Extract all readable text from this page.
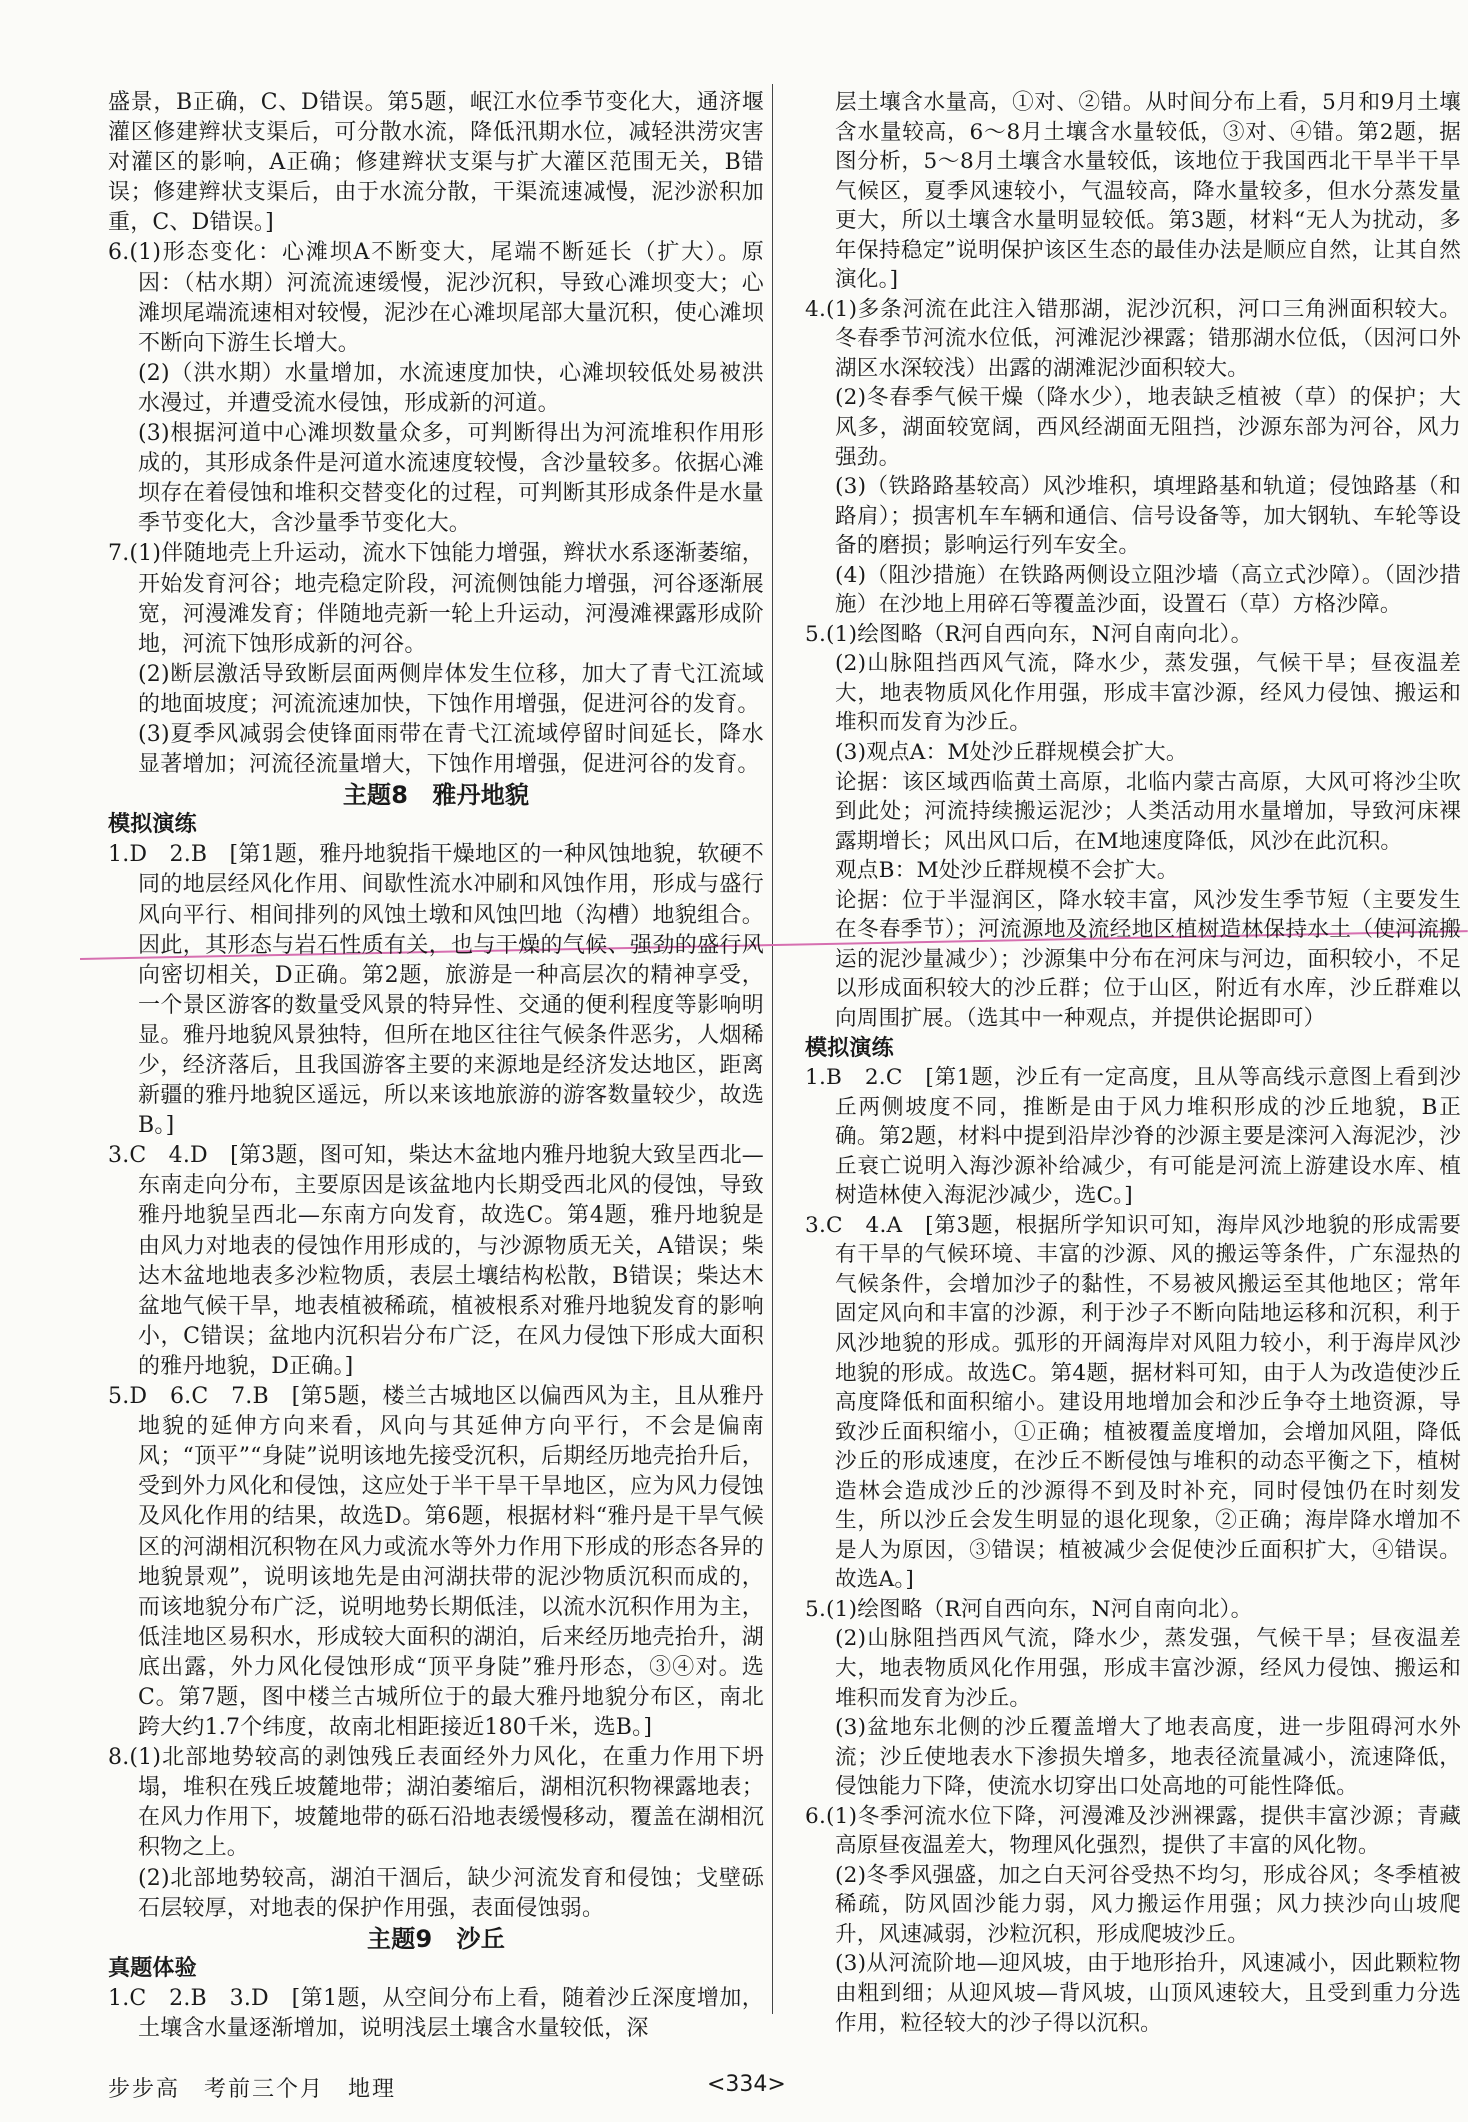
盛景，B正确，C、D错误。第5题，岷江水位季节变化大，通济堰灌区修建辫状支渠后，可分散水流，降低汛期水位，减轻洪涝灾害对灌区的影响，A正确；修建辫状支渠与扩大灌区范围无关，B错误；修建辫状支渠后，由于水流分散，干渠流速减慢，泥沙淤积加重，C、D错误。]

6.(1)形态变化：心滩坝A不断变大，尾端不断延长（扩大）。原因：（枯水期）河流流速缓慢，泥沙沉积，导致心滩坝变大；心滩坝尾端流速相对较慢，泥沙在心滩坝尾部大量沉积，使心滩坝不断向下游生长增大。

(2)（洪水期）水量增加，水流速度加快，心滩坝较低处易被洪水漫过，并遭受流水侵蚀，形成新的河道。

(3)根据河道中心滩坝数量众多，可判断得出为河流堆积作用形成的，其形成条件是河道水流速度较慢，含沙量较多。依据心滩坝存在着侵蚀和堆积交替变化的过程，可判断其形成条件是水量季节变化大，含沙量季节变化大。

7.(1)伴随地壳上升运动，流水下蚀能力增强，辫状水系逐渐萎缩，开始发育河谷；地壳稳定阶段，河流侧蚀能力增强，河谷逐渐展宽，河漫滩发育；伴随地壳新一轮上升运动，河漫滩裸露形成阶地，河流下蚀形成新的河谷。

(2)断层激活导致断层面两侧岸体发生位移，加大了青弋江流域的地面坡度；河流流速加快，下蚀作用增强，促进河谷的发育。

(3)夏季风减弱会使锋面雨带在青弋江流域停留时间延长，降水显著增加；河流径流量增大，下蚀作用增强，促进河谷的发育。

主题8　雅丹地貌

模拟演练

1.D　2.B　[第1题，雅丹地貌指干燥地区的一种风蚀地貌，软硬不同的地层经风化作用、间歇性流水冲刷和风蚀作用，形成与盛行风向平行、相间排列的风蚀土墩和风蚀凹地（沟槽）地貌组合。因此，其形态与岩石性质有关，也与干燥的气候、强劲的盛行风向密切相关，D正确。第2题，旅游是一种高层次的精神享受，一个景区游客的数量受风景的特异性、交通的便利程度等影响明显。雅丹地貌风景独特，但所在地区往往气候条件恶劣，人烟稀少，经济落后，且我国游客主要的来源地是经济发达地区，距离新疆的雅丹地貌区遥远，所以来该地旅游的游客数量较少，故选B。]

3.C　4.D　[第3题，图可知，柴达木盆地内雅丹地貌大致呈西北—东南走向分布，主要原因是该盆地内长期受西北风的侵蚀，导致雅丹地貌呈西北—东南方向发育，故选C。第4题，雅丹地貌是由风力对地表的侵蚀作用形成的，与沙源物质无关，A错误；柴达木盆地地表多沙粒物质，表层土壤结构松散，B错误；柴达木盆地气候干旱，地表植被稀疏，植被根系对雅丹地貌发育的影响小，C错误；盆地内沉积岩分布广泛，在风力侵蚀下形成大面积的雅丹地貌，D正确。]

5.D　6.C　7.B　[第5题，楼兰古城地区以偏西风为主，且从雅丹地貌的延伸方向来看，风向与其延伸方向平行，不会是偏南风；“顶平”“身陡”说明该地先接受沉积，后期经历地壳抬升后，受到外力风化和侵蚀，这应处于半干旱干旱地区，应为风力侵蚀及风化作用的结果，故选D。第6题，根据材料“雅丹是干旱气候区的河湖相沉积物在风力或流水等外力作用下形成的形态各异的地貌景观”，说明该地先是由河湖扶带的泥沙物质沉积而成的，而该地貌分布广泛，说明地势长期低洼，以流水沉积作用为主，低洼地区易积水，形成较大面积的湖泊，后来经历地壳抬升，湖底出露，外力风化侵蚀形成“顶平身陡”雅丹形态，③④对。选C。第7题，图中楼兰古城所位于的最大雅丹地貌分布区，南北跨大约1.7个纬度，故南北相距接近180千米，选B。]

8.(1)北部地势较高的剥蚀残丘表面经外力风化，在重力作用下坍塌，堆积在残丘坡麓地带；湖泊萎缩后，湖相沉积物裸露地表；在风力作用下，坡麓地带的砾石沿地表缓慢移动，覆盖在湖相沉积物之上。

(2)北部地势较高，湖泊干涸后，缺少河流发育和侵蚀；戈壁砾石层较厚，对地表的保护作用强，表面侵蚀弱。

主题9　沙丘

真题体验

1.C　2.B　3.D　[第1题，从空间分布上看，随着沙丘深度增加，土壤含水量逐渐增加，说明浅层土壤含水量较低，深

层土壤含水量高，①对、②错。从时间分布上看，5月和9月土壤含水量较高，6～8月土壤含水量较低，③对、④错。第2题，据图分析，5～8月土壤含水量较低，该地位于我国西北干旱半干旱气候区，夏季风速较小，气温较高，降水量较多，但水分蒸发量更大，所以土壤含水量明显较低。第3题，材料“无人为扰动，多年保持稳定”说明保护该区生态的最佳办法是顺应自然，让其自然演化。]

4.(1)多条河流在此注入错那湖，泥沙沉积，河口三角洲面积较大。冬春季节河流水位低，河滩泥沙裸露；错那湖水位低，（因河口外湖区水深较浅）出露的湖滩泥沙面积较大。

(2)冬春季气候干燥（降水少），地表缺乏植被（草）的保护；大风多，湖面较宽阔，西风经湖面无阻挡，沙源东部为河谷，风力强劲。

(3)（铁路路基较高）风沙堆积，填埋路基和轨道；侵蚀路基（和路肩）；损害机车车辆和通信、信号设备等，加大钢轨、车轮等设备的磨损；影响运行列车安全。

(4)（阻沙措施）在铁路两侧设立阻沙墙（高立式沙障）。（固沙措施）在沙地上用碎石等覆盖沙面，设置石（草）方格沙障。

5.(1)绘图略（R河自西向东，N河自南向北）。

(2)山脉阻挡西风气流，降水少，蒸发强，气候干旱；昼夜温差大，地表物质风化作用强，形成丰富沙源，经风力侵蚀、搬运和堆积而发育为沙丘。

(3)观点A：M处沙丘群规模会扩大。

论据：该区域西临黄土高原，北临内蒙古高原，大风可将沙尘吹到此处；河流持续搬运泥沙；人类活动用水量增加，导致河床裸露期增长；风出风口后，在M地速度降低，风沙在此沉积。

观点B：M处沙丘群规模不会扩大。

论据：位于半湿润区，降水较丰富，风沙发生季节短（主要发生在冬春季节）；河流源地及流经地区植树造林保持水土（使河流搬运的泥沙量减少）；沙源集中分布在河床与河边，面积较小，不足以形成面积较大的沙丘群；位于山区，附近有水库，沙丘群难以向周围扩展。（选其中一种观点，并提供论据即可）

模拟演练

1.B　2.C　[第1题，沙丘有一定高度，且从等高线示意图上看到沙丘两侧坡度不同，推断是由于风力堆积形成的沙丘地貌，B正确。第2题，材料中提到沿岸沙脊的沙源主要是滦河入海泥沙，沙丘衰亡说明入海沙源补给减少，有可能是河流上游建设水库、植树造林使入海泥沙减少，选C。]

3.C　4.A　[第3题，根据所学知识可知，海岸风沙地貌的形成需要有干旱的气候环境、丰富的沙源、风的搬运等条件，广东湿热的气候条件，会增加沙子的黏性，不易被风搬运至其他地区；常年固定风向和丰富的沙源，利于沙子不断向陆地运移和沉积，利于风沙地貌的形成。弧形的开阔海岸对风阻力较小，利于海岸风沙地貌的形成。故选C。第4题，据材料可知，由于人为改造使沙丘高度降低和面积缩小。建设用地增加会和沙丘争夺土地资源，导致沙丘面积缩小，①正确；植被覆盖度增加，会增加风阻，降低沙丘的形成速度，在沙丘不断侵蚀与堆积的动态平衡之下，植树造林会造成沙丘的沙源得不到及时补充，同时侵蚀仍在时刻发生，所以沙丘会发生明显的退化现象，②正确；海岸降水增加不是人为原因，③错误；植被减少会促使沙丘面积扩大，④错误。故选A。]

5.(1)绘图略（R河自西向东，N河自南向北）。

(2)山脉阻挡西风气流，降水少，蒸发强，气候干旱；昼夜温差大，地表物质风化作用强，形成丰富沙源，经风力侵蚀、搬运和堆积而发育为沙丘。

(3)盆地东北侧的沙丘覆盖增大了地表高度，进一步阻碍河水外流；沙丘使地表水下渗损失增多，地表径流量减小，流速降低，侵蚀能力下降，使流水切穿出口处高地的可能性降低。

6.(1)冬季河流水位下降，河漫滩及沙洲裸露，提供丰富沙源；青藏高原昼夜温差大，物理风化强烈，提供了丰富的风化物。

(2)冬季风强盛，加之白天河谷受热不均匀，形成谷风；冬季植被稀疏，防风固沙能力弱，风力搬运作用强；风力挟沙向山坡爬升，风速减弱，沙粒沉积，形成爬坡沙丘。

(3)从河流阶地—迎风坡，由于地形抬升，风速减小，因此颗粒物由粗到细；从迎风坡—背风坡，山顶风速较大，且受到重力分选作用，粒径较大的沙子得以沉积。

步步高　考前三个月　地理	<334>
